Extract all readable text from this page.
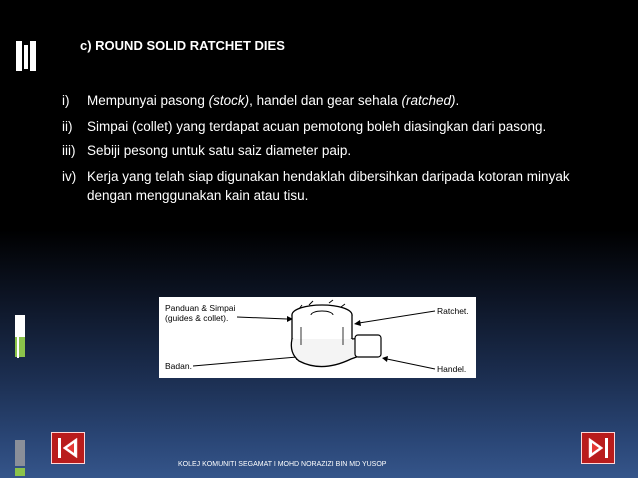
c) ROUND SOLID RATCHET DIES
i) Mempunyai pasong (stock), handel dan gear sehala (ratched).
ii) Simpai (collet) yang terdapat acuan pemotong boleh diasingkan dari pasong.
iii) Sebiji pesong untuk satu saiz diameter paip.
iv) Kerja yang telah siap digunakan hendaklah dibersihkan daripada kotoran minyak dengan menggunakan kain atau tisu.
Panduan & Simpai
(guides & collet).
Badan.
Ratchet.
Handel.
KOLEJ KOMUNITI SEGAMAT I MOHD NORAZIZI BIN MD YUSOP
